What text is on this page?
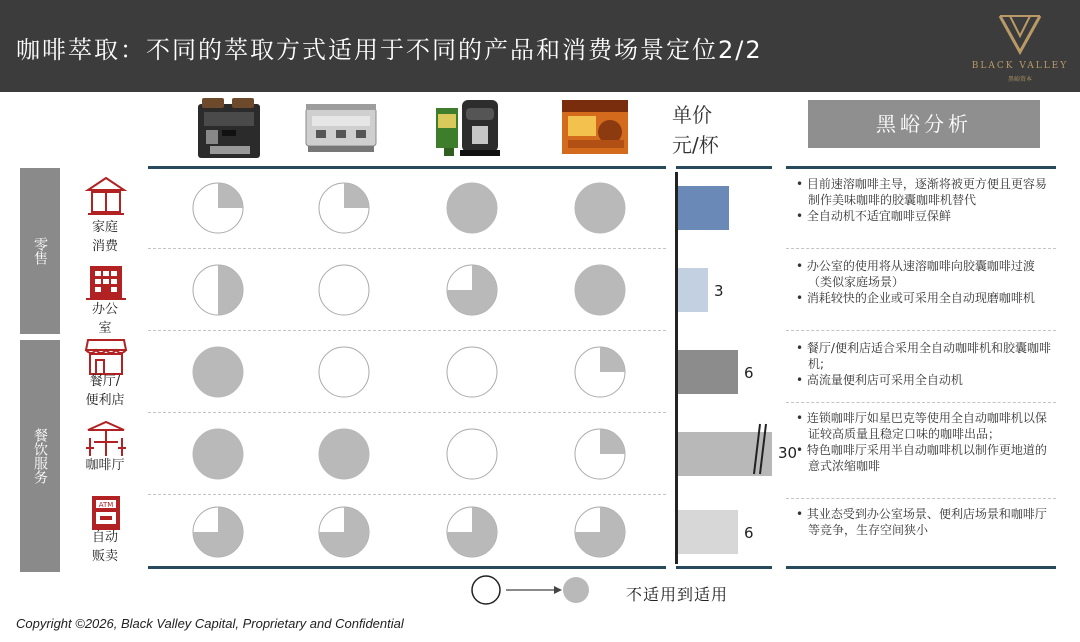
咖啡萃取：不同的萃取方式适用于不同的产品和消费场景定位2/2
BLACK VALLEY
黑峪资本
单价
元/杯
黑峪分析
零售
餐饮服务
ATM
家庭
消费
办公
室
餐厅/
便利店
咖啡厅
自动
贩卖
3
6
30
6
• 目前速溶咖啡主导，逐渐将被更方便且更容易制作美味咖啡的胶囊咖啡机替代
• 全自动机不适宜咖啡豆保鲜
• 办公室的使用将从速溶咖啡向胶囊咖啡过渡（类似家庭场景）
• 消耗较快的企业或可采用全自动现磨咖啡机
• 餐厅/便利店适合采用全自动咖啡机和胶囊咖啡机;
• 高流量便利店可采用全自动机
• 连锁咖啡厅如星巴克等使用全自动咖啡机以保证较高质量且稳定口味的咖啡出品；
• 特色咖啡厅采用半自动咖啡机以制作更地道的意式浓缩咖啡
• 其业态受到办公室场景、便利店场景和咖啡厅等竞争，生存空间狭小
不适用到适用
Copyright ©2026, Black Valley Capital, Proprietary and Confidential
